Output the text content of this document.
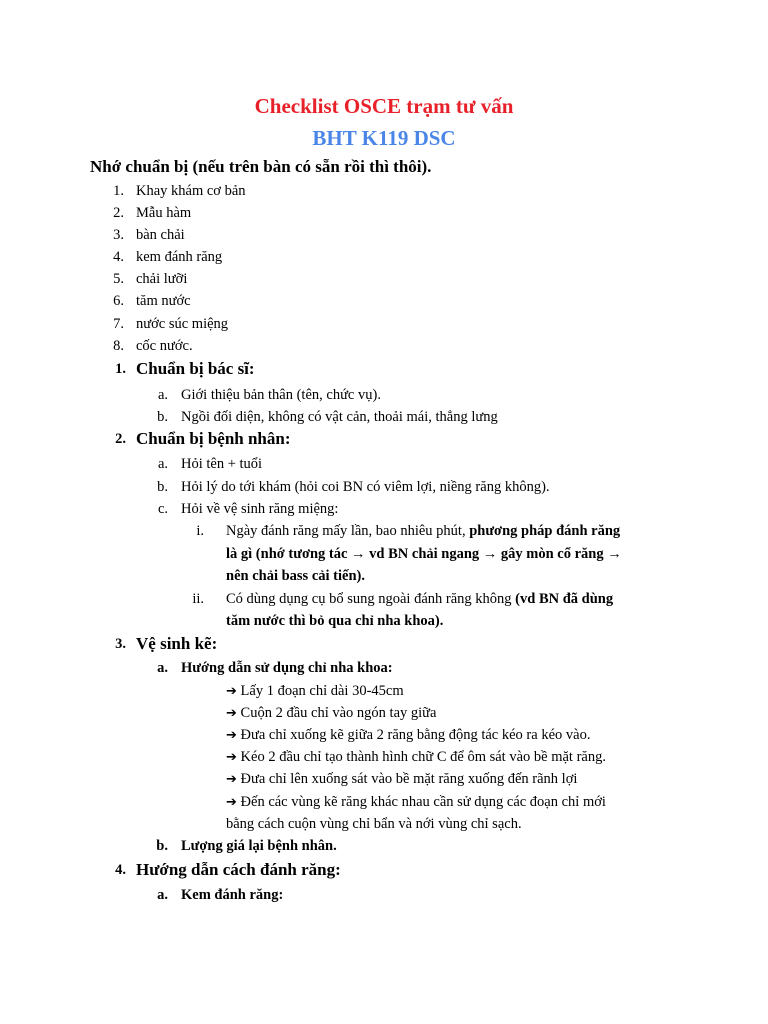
Checklist OSCE trạm tư vấn
BHT K119 DSC
Nhớ chuẩn bị (nếu trên bàn có sẵn rồi thì thôi).
1. Khay khám cơ bản
2. Mẫu hàm
3. bàn chải
4. kem đánh răng
5. chải lưỡi
6. tăm nước
7. nước súc miệng
8. cốc nước.
1. Chuẩn bị bác sĩ:
a. Giới thiệu bản thân (tên, chức vụ).
b. Ngồi đối diện, không có vật cản, thoải mái, thẳng lưng
2. Chuẩn bị bệnh nhân:
a. Hỏi tên + tuổi
b. Hỏi lý do tới khám (hỏi coi BN có viêm lợi, niềng răng không).
c. Hỏi về vệ sinh răng miệng:
i. Ngày đánh răng mấy lần, bao nhiêu phút, phương pháp đánh răng
là gì (nhớ tương tác → vd BN chải ngang → gây mòn cổ răng →
nên chải bass cải tiến).
ii. Có dùng dụng cụ bổ sung ngoài đánh răng không (vd BN đã dùng
tăm nước thì bỏ qua chỉ nha khoa).
3. Vệ sinh kẽ:
a. Hướng dẫn sử dụng chỉ nha khoa:
➔ Lấy 1 đoạn chỉ dài 30-45cm
➔ Cuộn 2 đầu chỉ vào ngón tay giữa
➔ Đưa chỉ xuống kẽ giữa 2 răng bằng động tác kéo ra kéo vào.
➔ Kéo 2 đầu chỉ tạo thành hình chữ C để ôm sát vào bề mặt răng.
➔ Đưa chỉ lên xuống sát vào bề mặt răng xuống đến rãnh lợi
➔ Đến các vùng kẽ răng khác nhau cần sử dụng các đoạn chỉ mới
bằng cách cuộn vùng chỉ bẩn và nới vùng chỉ sạch.
b. Lượng giá lại bệnh nhân.
4. Hướng dẫn cách đánh răng:
a. Kem đánh răng:
